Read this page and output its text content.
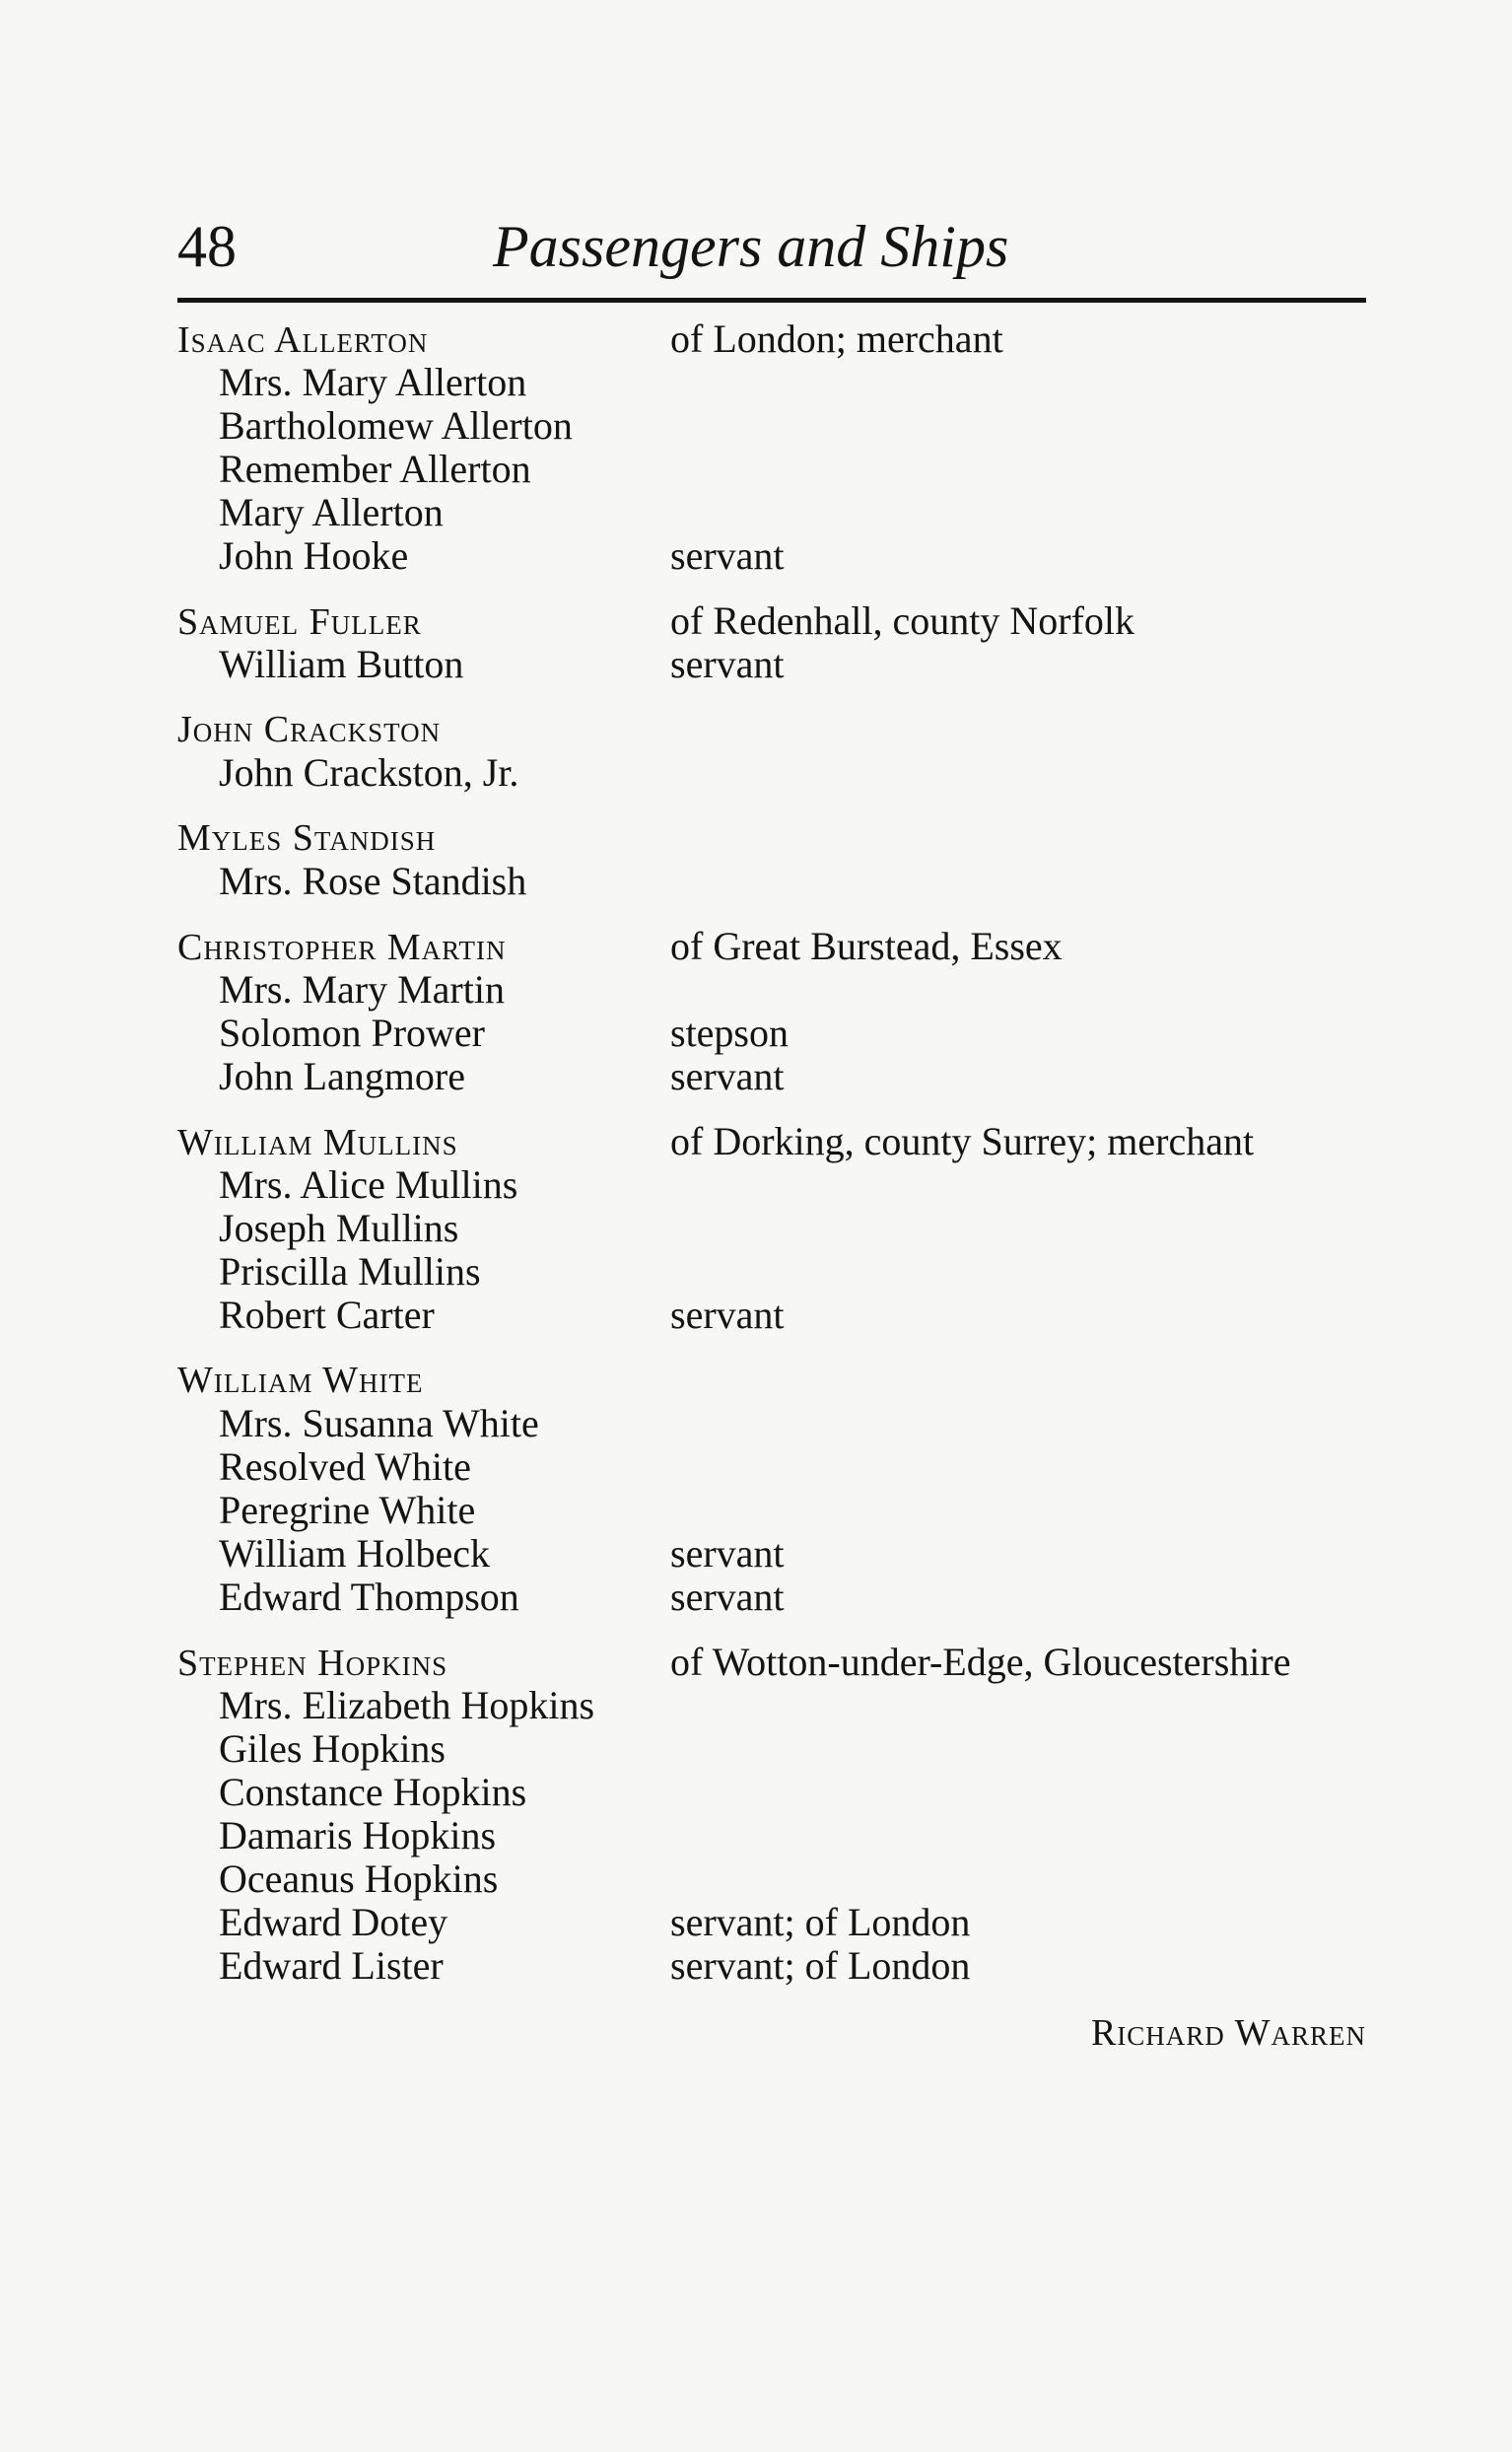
48	Passengers and Ships
Isaac Allerton	of London; merchant
Mrs. Mary Allerton
Bartholomew Allerton
Remember Allerton
Mary Allerton
John Hooke	servant
Samuel Fuller	of Redenhall, county Norfolk
William Button	servant
John Crackston
John Crackston, Jr.
Myles Standish
Mrs. Rose Standish
Christopher Martin	of Great Burstead, Essex
Mrs. Mary Martin
Solomon Prower	stepson
John Langmore	servant
William Mullins	of Dorking, county Surrey; merchant
Mrs. Alice Mullins
Joseph Mullins
Priscilla Mullins
Robert Carter	servant
William White
Mrs. Susanna White
Resolved White
Peregrine White
William Holbeck	servant
Edward Thompson	servant
Stephen Hopkins	of Wotton-under-Edge, Gloucestershire
Mrs. Elizabeth Hopkins
Giles Hopkins
Constance Hopkins
Damaris Hopkins
Oceanus Hopkins
Edward Dotey	servant; of London
Edward Lister	servant; of London
Richard Warren
